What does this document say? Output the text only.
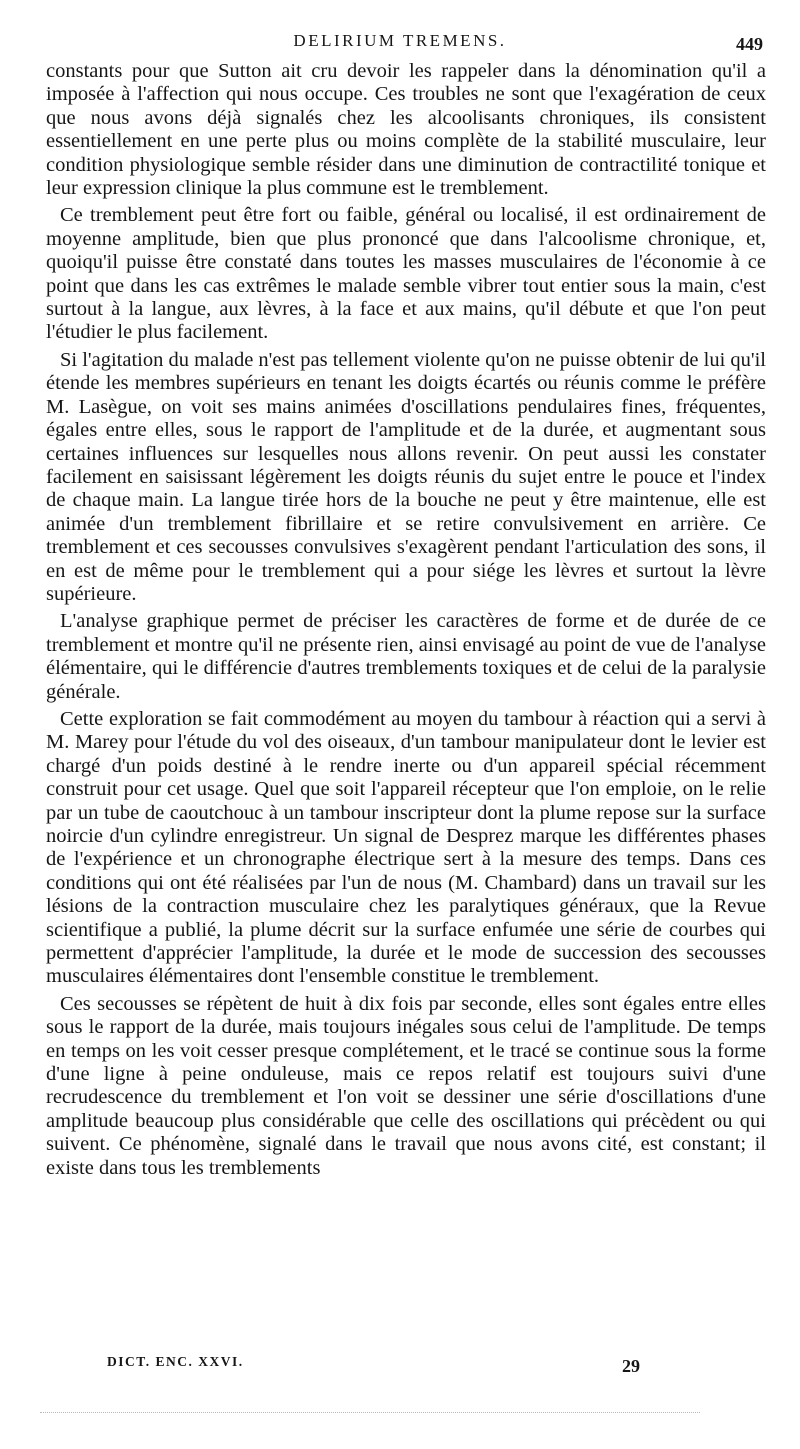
DELIRIUM TREMENS.	449

constants pour que Sutton ait cru devoir les rappeler dans la dénomination qu'il a imposée à l'affection qui nous occupe. Ces troubles ne sont que l'exagération de ceux que nous avons déjà signalés chez les alcoolisants chroniques, ils consistent essentiellement en une perte plus ou moins complète de la stabilité musculaire, leur condition physiologique semble résider dans une diminution de contractilité tonique et leur expression clinique la plus commune est le tremblement.

Ce tremblement peut être fort ou faible, général ou localisé, il est ordinairement de moyenne amplitude, bien que plus prononcé que dans l'alcoolisme chronique, et, quoiqu'il puisse être constaté dans toutes les masses musculaires de l'économie à ce point que dans les cas extrêmes le malade semble vibrer tout entier sous la main, c'est surtout à la langue, aux lèvres, à la face et aux mains, qu'il débute et que l'on peut l'étudier le plus facilement.

Si l'agitation du malade n'est pas tellement violente qu'on ne puisse obtenir de lui qu'il étende les membres supérieurs en tenant les doigts écartés ou réunis comme le préfère M. Lasègue, on voit ses mains animées d'oscillations pendulaires fines, fréquentes, égales entre elles, sous le rapport de l'amplitude et de la durée, et augmentant sous certaines influences sur lesquelles nous allons revenir. On peut aussi les constater facilement en saisissant légèrement les doigts réunis du sujet entre le pouce et l'index de chaque main. La langue tirée hors de la bouche ne peut y être maintenue, elle est animée d'un tremblement fibrillaire et se retire convulsivement en arrière. Ce tremblement et ces secousses convulsives s'exagèrent pendant l'articulation des sons, il en est de même pour le tremblement qui a pour siége les lèvres et surtout la lèvre supérieure.

L'analyse graphique permet de préciser les caractères de forme et de durée de ce tremblement et montre qu'il ne présente rien, ainsi envisagé au point de vue de l'analyse élémentaire, qui le différencie d'autres tremblements toxiques et de celui de la paralysie générale.

Cette exploration se fait commodément au moyen du tambour à réaction qui a servi à M. Marey pour l'étude du vol des oiseaux, d'un tambour manipulateur dont le levier est chargé d'un poids destiné à le rendre inerte ou d'un appareil spécial récemment construit pour cet usage. Quel que soit l'appareil récepteur que l'on emploie, on le relie par un tube de caoutchouc à un tambour inscripteur dont la plume repose sur la surface noircie d'un cylindre enregistreur. Un signal de Desprez marque les différentes phases de l'expérience et un chronographe électrique sert à la mesure des temps. Dans ces conditions qui ont été réalisées par l'un de nous (M. Chambard) dans un travail sur les lésions de la contraction musculaire chez les paralytiques généraux, que la Revue scientifique a publié, la plume décrit sur la surface enfumée une série de courbes qui permettent d'apprécier l'amplitude, la durée et le mode de succession des secousses musculaires élémentaires dont l'ensemble constitue le tremblement.

Ces secousses se répètent de huit à dix fois par seconde, elles sont égales entre elles sous le rapport de la durée, mais toujours inégales sous celui de l'amplitude. De temps en temps on les voit cesser presque complétement, et le tracé se continue sous la forme d'une ligne à peine onduleuse, mais ce repos relatif est toujours suivi d'une recrudescence du tremblement et l'on voit se dessiner une série d'oscillations d'une amplitude beaucoup plus considérable que celle des oscillations qui précèdent ou qui suivent. Ce phénomène, signalé dans le travail que nous avons cité, est constant; il existe dans tous les tremblements

DICT. ENC. XXVI.	29
